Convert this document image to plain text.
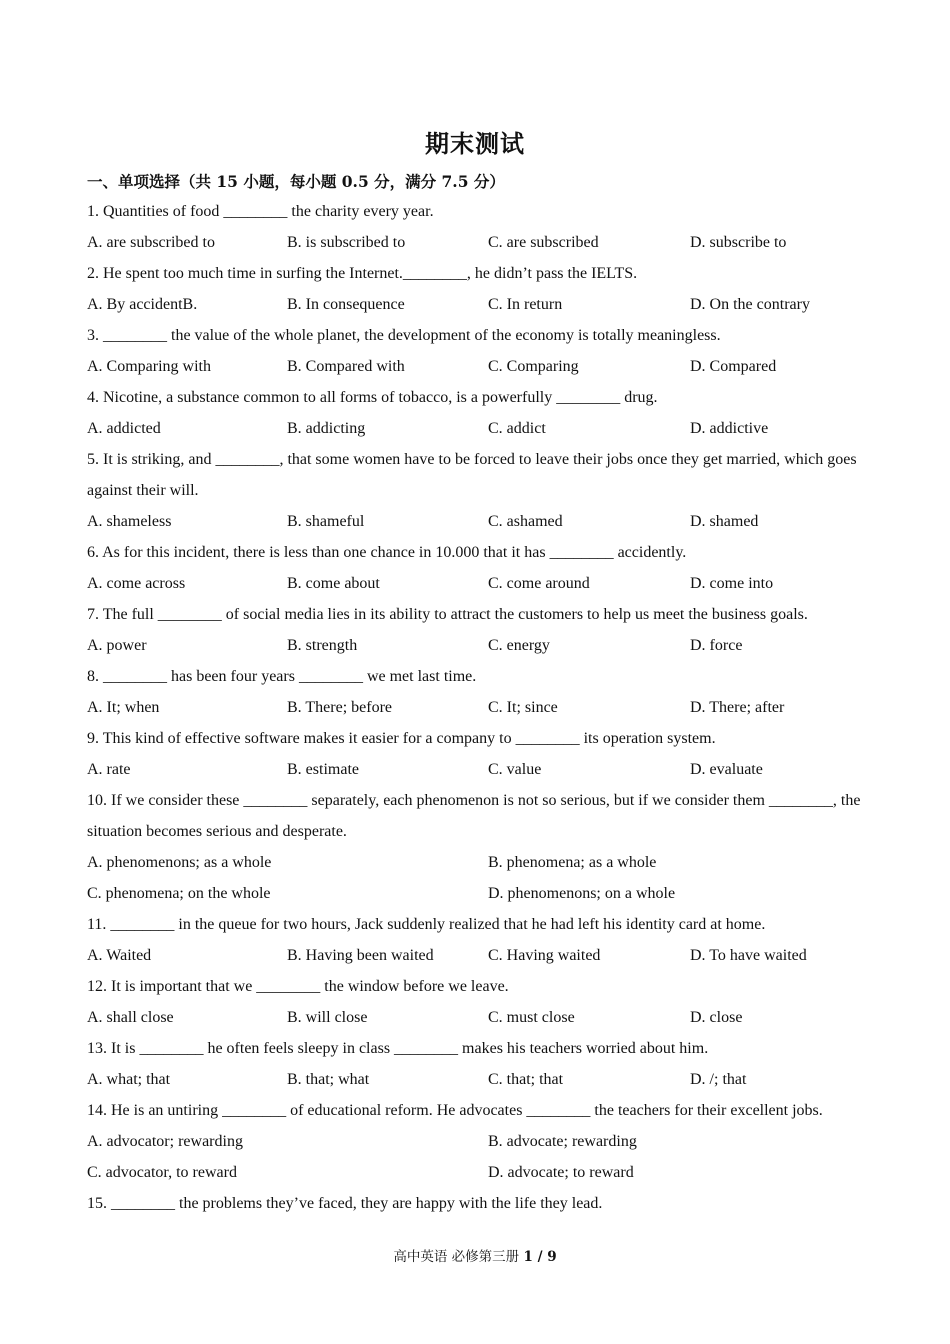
期末测试
一、单项选择（共 15 小题，每小题 0.5 分，满分 7.5 分）
1. Quantities of food ________ the charity every year.
A. are subscribed to	B. is subscribed to	C. are subscribed	D. subscribe to
2. He spent too much time in surfing the Internet.________, he didn’t pass the IELTS.
A. By accidentB.	B. In consequence	C. In return	D. On the contrary
3. ________ the value of the whole planet, the development of the economy is totally meaningless.
A. Comparing with	B. Compared with	C. Comparing	D. Compared
4. Nicotine, a substance common to all forms of tobacco, is a powerfully ________ drug.
A. addicted	B. addicting	C. addict	D. addictive
5. It is striking, and ________, that some women have to be forced to leave their jobs once they get married, which goes against their will.
A. shameless	B. shameful	C. ashamed	D. shamed
6. As for this incident, there is less than one chance in 10.000 that it has ________ accidently.
A. come across	B. come about	C. come around	D. come into
7. The full ________ of social media lies in its ability to attract the customers to help us meet the business goals.
A. power	B. strength	C. energy	D. force
8. ________ has been four years ________ we met last time.
A. It; when	B. There; before	C. It; since	D. There; after
9. This kind of effective software makes it easier for a company to ________ its operation system.
A. rate	B. estimate	C. value	D. evaluate
10. If we consider these ________ separately, each phenomenon is not so serious, but if we consider them ________, the situation becomes serious and desperate.
A. phenomenons; as a whole	B. phenomena; as a whole
C. phenomena; on the whole	D. phenomenons; on a whole
11. ________ in the queue for two hours, Jack suddenly realized that he had left his identity card at home.
A. Waited	B. Having been waited	C. Having waited	D. To have waited
12. It is important that we ________ the window before we leave.
A. shall close	B. will close	C. must close	D. close
13. It is ________ he often feels sleepy in class ________ makes his teachers worried about him.
A. what; that	B. that; what	C. that; that	D. /; that
14. He is an untiring ________ of educational reform. He advocates ________ the teachers for their excellent jobs.
A. advocator; rewarding	B. advocate; rewarding
C. advocator, to reward	D. advocate; to reward
15. ________ the problems they’ve faced, they are happy with the life they lead.
高中英语 必修第三册 1 / 9
